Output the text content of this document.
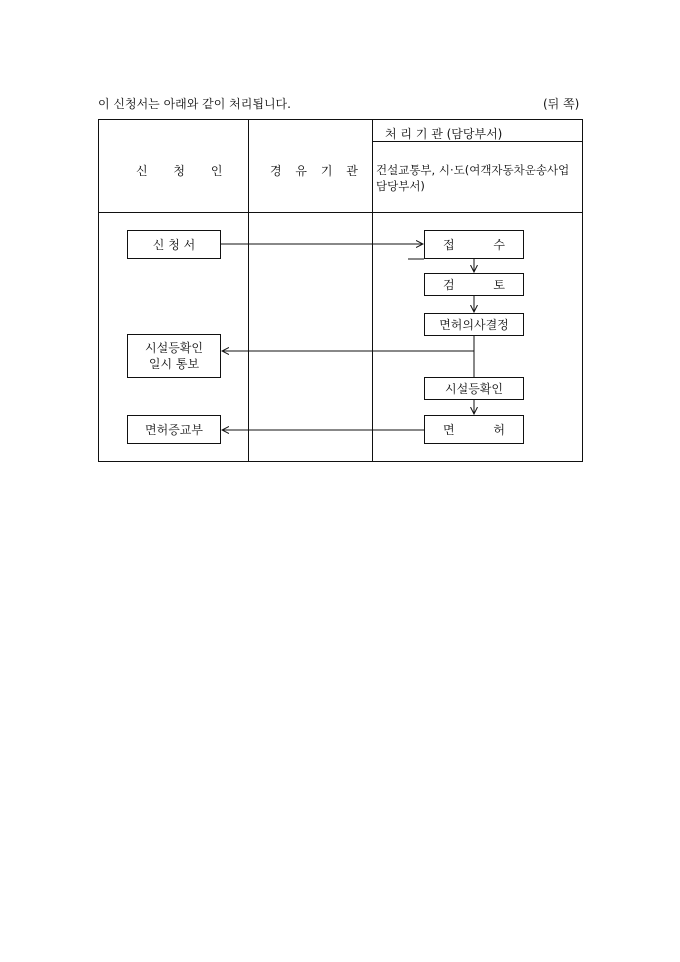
이 신청서는 아래와 같이 처리됩니다.	(뒤 쪽)
신 청 인	경 유 기 관
처 리 기 관 (담당부서)
건설교통부, 시·도(여객자동차운송사업 담당부서)
신 청 서
시설등확인
일시 통보
면허증교부
접	수
검	토
면허의사결정
시설등확인
면	허
